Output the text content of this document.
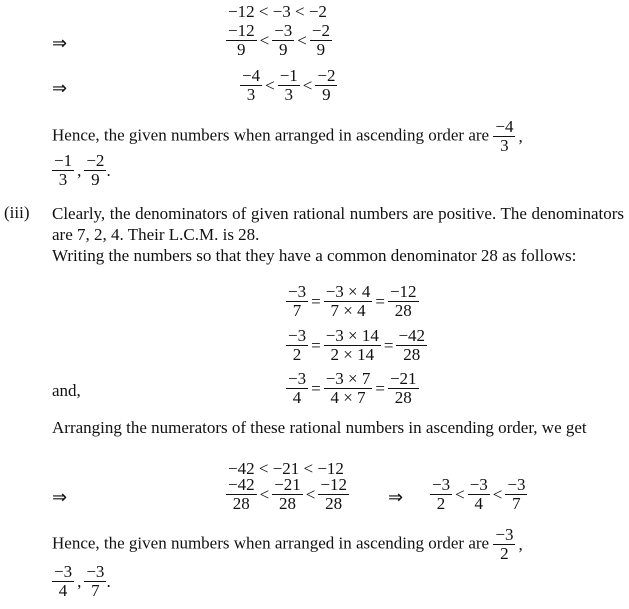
−12 < −3 < −2
⇒	$\frac{-12}{9} < \frac{-3}{9} < \frac{-2}{9}$
⇒	$\frac{-4}{3} < \frac{-1}{3} < \frac{-2}{9}$
Hence, the given numbers when arranged in ascending order are $\frac{-4}{3}$ ,
$\frac{-1}{3}$ , $\frac{-2}{9}$ .
(iii) Clearly, the denominators of given rational numbers are positive. The denominators are 7, 2, 4. Their L.C.M. is 28.
Writing the numbers so that they have a common denominator 28 as follows:
$\frac{-3}{7} = \frac{-3 \times 4}{7 \times 4} = \frac{-12}{28}$
$\frac{-3}{2} = \frac{-3 \times 14}{2 \times 14} = \frac{-42}{28}$
and,	$\frac{-3}{4} = \frac{-3 \times 7}{4 \times 7} = \frac{-21}{28}$
Arranging the numerators of these rational numbers in ascending order, we get
−42 < −21 < −12
⇒	$\frac{-42}{28} < \frac{-21}{28} < \frac{-12}{28}$ ⇒ $\frac{-3}{2} < \frac{-3}{4} < \frac{-3}{7}$
Hence, the given numbers when arranged in ascending order are $\frac{-3}{2}$ ,
$\frac{-3}{4}$ , $\frac{-3}{7}$ .
